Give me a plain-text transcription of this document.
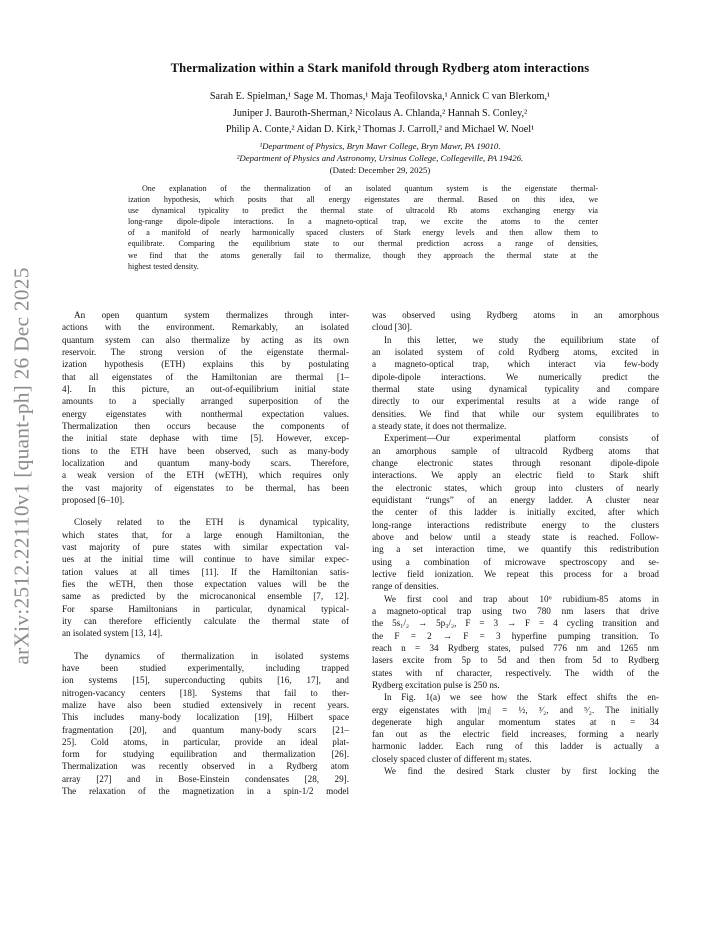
arXiv:2512.22110v1 [quant-ph] 26 Dec 2025
Thermalization within a Stark manifold through Rydberg atom interactions
Sarah E. Spielman,¹ Sage M. Thomas,¹ Maja Teofilovska,¹ Annick C van Blerkom,¹
Juniper J. Bauroth-Sherman,² Nicolaus A. Chlanda,² Hannah S. Conley,²
Philip A. Conte,² Aidan D. Kirk,² Thomas J. Carroll,² and Michael W. Noel¹
¹Department of Physics, Bryn Mawr College, Bryn Mawr, PA 19010.
²Department of Physics and Astronomy, Ursinus College, Collegeville, PA 19426.
(Dated: December 29, 2025)
One explanation of the thermalization of an isolated quantum system is the eigenstate thermal-
ization hypothesis, which posits that all energy eigenstates are thermal. Based on this idea, we
use dynamical typicality to predict the thermal state of ultracold Rb atoms exchanging energy via
long-range dipole-dipole interactions. In a magneto-optical trap, we excite the atoms to the center
of a manifold of nearly harmonically spaced clusters of Stark energy levels and then allow them to
equilibrate. Comparing the equilibrium state to our thermal prediction across a range of densities,
we find that the atoms generally fail to thermalize, though they approach the thermal state at the
highest tested density.
An open quantum system thermalizes through inter-
actions with the environment. Remarkably, an isolated
quantum system can also thermalize by acting as its own
reservoir. The strong version of the eigenstate thermal-
ization hypothesis (ETH) explains this by postulating
that all eigenstates of the Hamiltonian are thermal [1–
4]. In this picture, an out-of-equilibrium initial state
amounts to a specially arranged superposition of the
energy eigenstates with nonthermal expectation values.
Thermalization then occurs because the components of
the initial state dephase with time [5]. However, excep-
tions to the ETH have been observed, such as many-body
localization and quantum many-body scars. Therefore,
a weak version of the ETH (wETH), which requires only
the vast majority of eigenstates to be thermal, has been
proposed [6–10].
Closely related to the ETH is dynamical typicality,
which states that, for a large enough Hamiltonian, the
vast majority of pure states with similar expectation val-
ues at the initial time will continue to have similar expec-
tation values at all times [11]. If the Hamiltonian satis-
fies the wETH, then those expectation values will be the
same as predicted by the microcanonical ensemble [7, 12].
For sparse Hamiltonians in particular, dynamical typical-
ity can therefore efficiently calculate the thermal state of
an isolated system [13, 14].
The dynamics of thermalization in isolated systems
have been studied experimentally, including trapped
ion systems [15], superconducting qubits [16, 17], and
nitrogen-vacancy centers [18]. Systems that fail to ther-
malize have also been studied extensively in recent years.
This includes many-body localization [19], Hilbert space
fragmentation [20], and quantum many-body scars [21–
25]. Cold atoms, in particular, provide an ideal plat-
form for studying equilibration and thermalization [26].
Thermalization was recently observed in a Rydberg atom
array [27] and in Bose-Einstein condensates [28, 29].
The relaxation of the magnetization in a spin-1/2 model
was observed using Rydberg atoms in an amorphous
cloud [30].
In this letter, we study the equilibrium state of
an isolated system of cold Rydberg atoms, excited in
a magneto-optical trap, which interact via few-body
dipole-dipole interactions. We numerically predict the
thermal state using dynamical typicality and compare
directly to our experimental results at a wide range of
densities. We find that while our system equilibrates to
a steady state, it does not thermalize.
Experiment—Our experimental platform consists of
an amorphous sample of ultracold Rydberg atoms that
change electronic states through resonant dipole-dipole
interactions. We apply an electric field to Stark shift
the electronic states, which group into clusters of nearly
equidistant “rungs” of an energy ladder. A cluster near
the center of this ladder is initially excited, after which
long-range interactions redistribute energy to the clusters
above and below until a steady state is reached. Follow-
ing a set interaction time, we quantify this redistribution
using a combination of microwave spectroscopy and se-
lective field ionization. We repeat this process for a broad
range of densities.
We first cool and trap about 10⁶ rubidium-85 atoms in
a magneto-optical trap using two 780 nm lasers that drive
the 5s₁/₂ → 5p₃/₂, F = 3 → F = 4 cycling transition and
the F = 2 → F = 3 hyperfine pumping transition. To
reach n = 34 Rydberg states, pulsed 776 nm and 1265 nm
lasers excite from 5p to 5d and then from 5d to Rydberg
states with nf character, respectively. The width of the
Rydberg excitation pulse is 250 ns.
In Fig. 1(a) we see how the Stark effect shifts the en-
ergy eigenstates with |mⱼ| = ½, ³⁄₂, and ⁵⁄₂. The initially
degenerate high angular momentum states at n = 34
fan out as the electric field increases, forming a nearly
harmonic ladder. Each rung of this ladder is actually a
closely spaced cluster of different mⱼ states.
We find the desired Stark cluster by first locking the
